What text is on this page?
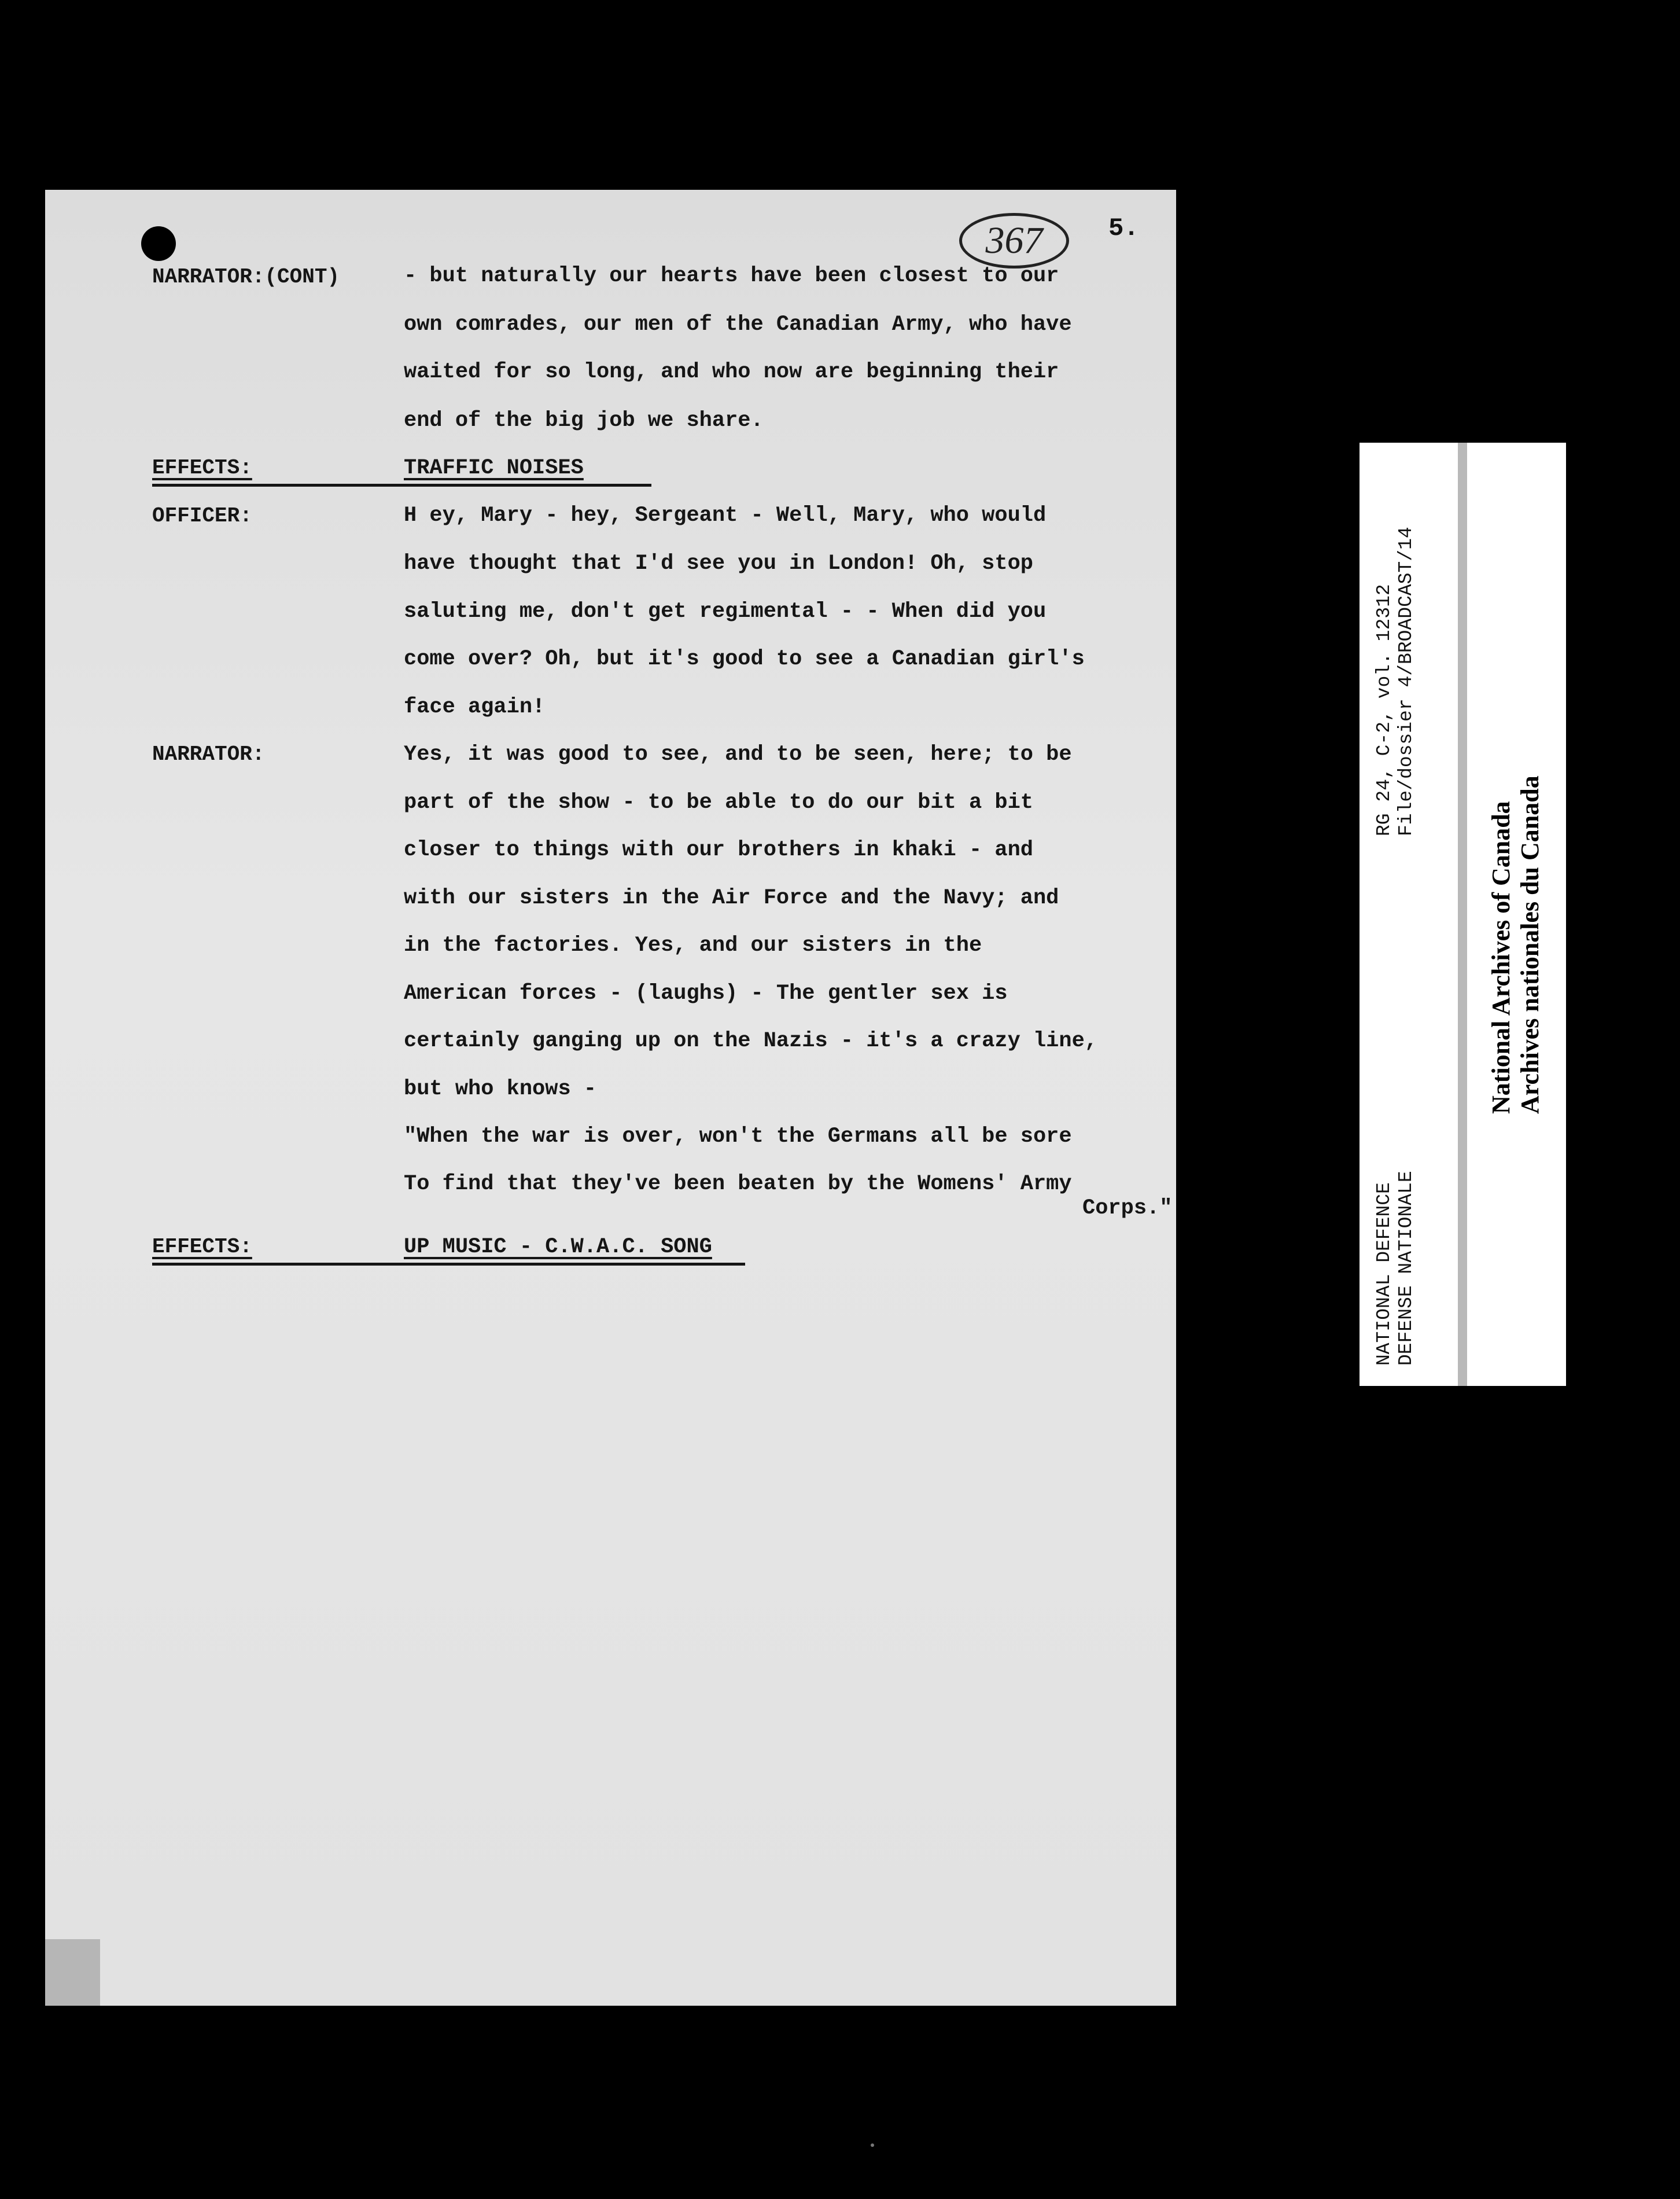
367	5.
NARRATOR:(CONT)	- but naturally our hearts have been closest to our
own comrades, our men of the Canadian Army, who have
waited for so long, and who now are beginning their
end of the big job we share.
EFFECTS:	TRAFFIC NOISES
OFFICER:	H ey, Mary - hey, Sergeant - Well, Mary, who would
have thought that I'd see you in London! Oh, stop
saluting me, don't get regimental - - When did you
come over? Oh, but it's good to see a Canadian girl's
face again!
NARRATOR:	Yes, it was good to see, and to be seen, here; to be
part of the show - to be able to do our bit a bit
closer to things with our brothers in khaki - and
with our sisters in the Air Force and the Navy; and
in the factories. Yes, and our sisters in the
American forces - (laughs) - The gentler sex is
certainly ganging up on the Nazis - it's a crazy line,
but who knows -
"When the war is over, won't the Germans all be sore
To find that they've been beaten by the Womens' Army
Corps."
EFFECTS:	UP MUSIC - C.W.A.C. SONG	NATIONAL DEFENCE DEFENSE NATIONALE
RG 24, C-2, vol. 12312 File/dossier 4/BROADCAST/14
National Archives of Canada Archives nationales du Canada
